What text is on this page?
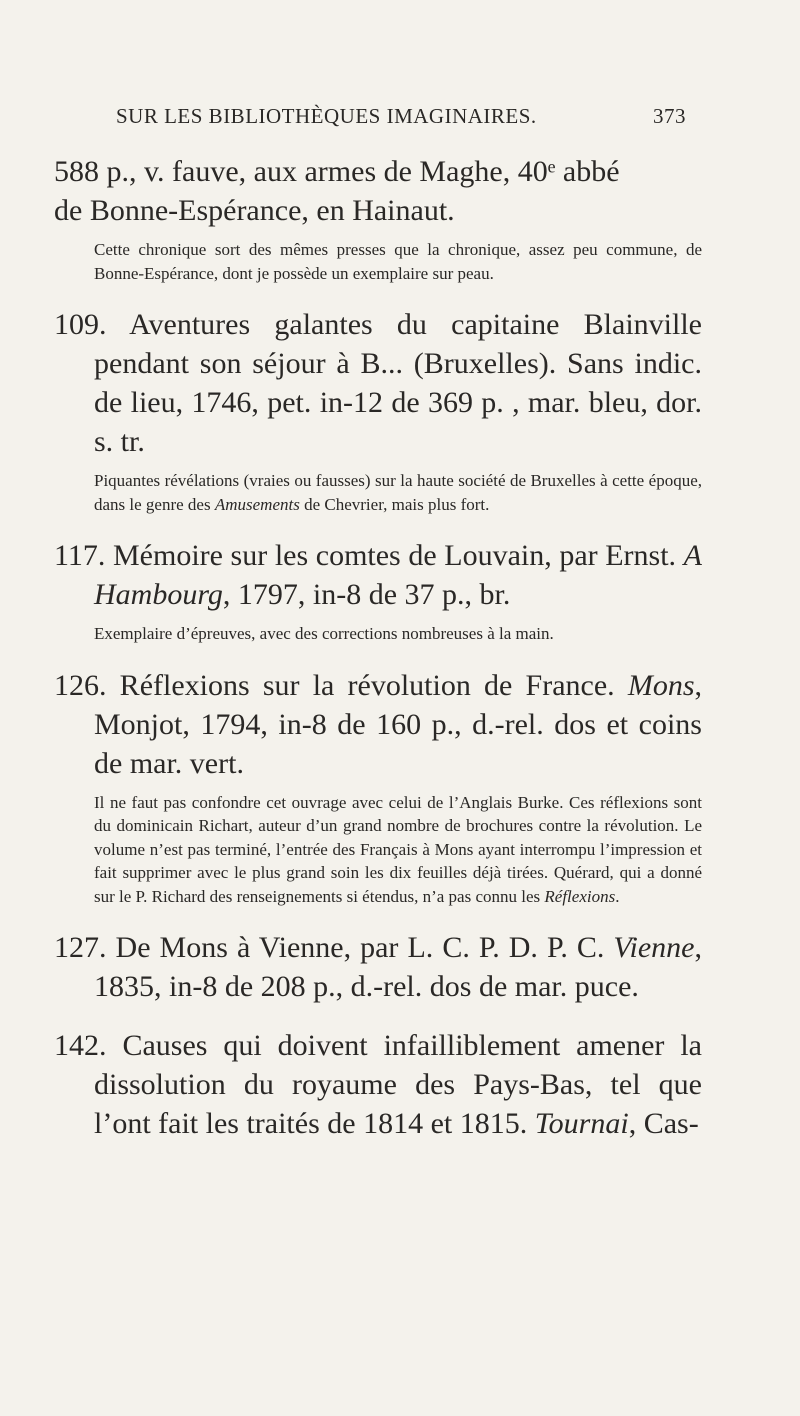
SUR LES BIBLIOTHÈQUES IMAGINAIRES.	373

588 p., v. fauve, aux armes de Maghe, 40ᵉ abbé
de Bonne-Espérance, en Hainaut.

Cette chronique sort des mêmes presses que la chronique, assez peu commune, de Bonne-Espérance, dont je possède un exemplaire sur peau.

109. Aventures galantes du capitaine Blainville pendant son séjour à B... (Bruxelles). Sans indic. de lieu, 1746, pet. in-12 de 369 p. , mar. bleu, dor. s. tr.

Piquantes révélations (vraies ou fausses) sur la haute société de Bruxelles à cette époque, dans le genre des Amusements de Chevrier, mais plus fort.

117. Mémoire sur les comtes de Louvain, par Ernst. A Hambourg, 1797, in-8 de 37 p., br.

Exemplaire d’épreuves, avec des corrections nombreuses à la main.

126. Réflexions sur la révolution de France. Mons, Monjot, 1794, in-8 de 160 p., d.-rel. dos et coins de mar. vert.

Il ne faut pas confondre cet ouvrage avec celui de l’Anglais Burke. Ces réflexions sont du dominicain Richart, auteur d’un grand nombre de brochures contre la révolution. Le volume n’est pas terminé, l’entrée des Français à Mons ayant interrompu l’impression et fait supprimer avec le plus grand soin les dix feuilles déjà tirées. Quérard, qui a donné sur le P. Richard des renseignements si étendus, n’a pas connu les Réflexions.

127. De Mons à Vienne, par L. C. P. D. P. C. Vienne, 1835, in-8 de 208 p., d.-rel. dos de mar. puce.

142. Causes qui doivent infailliblement amener la dissolution du royaume des Pays-Bas, tel que l’ont fait les traités de 1814 et 1815. Tournai, Cas-
